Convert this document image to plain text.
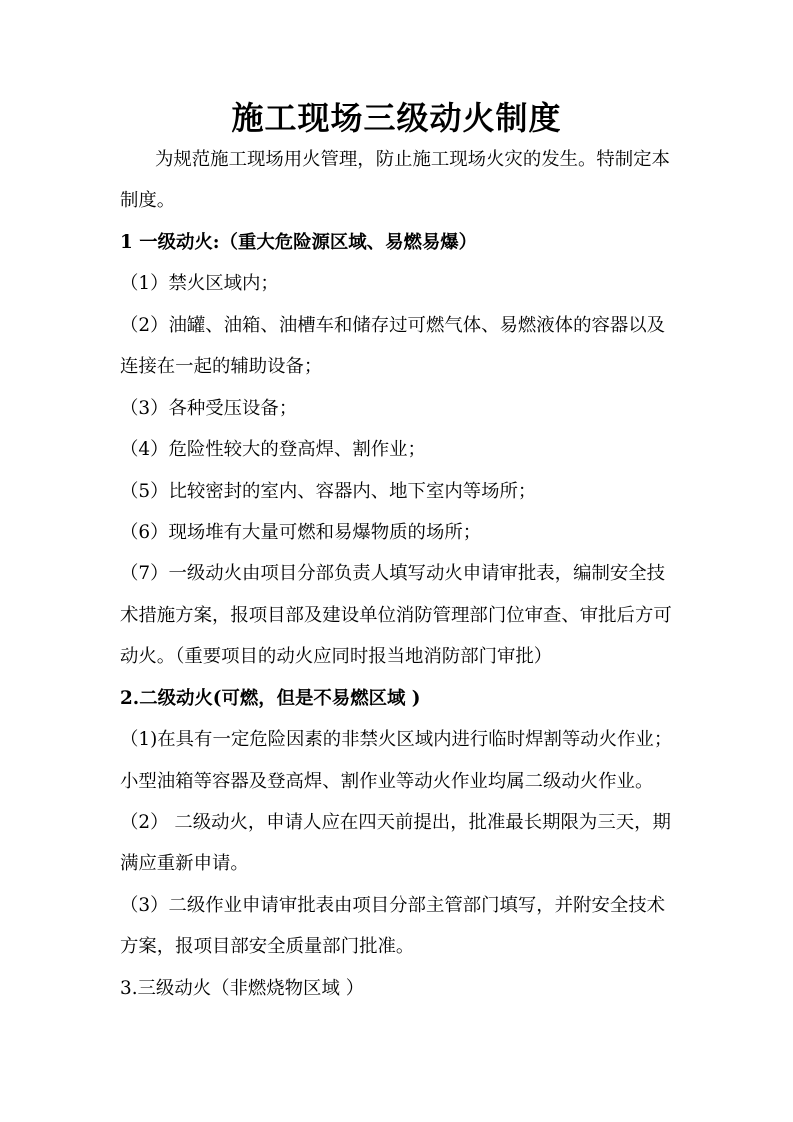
施工现场三级动火制度
为规范施工现场用火管理，防止施工现场火灾的发生。特制定本
制度。
1 一级动火:（重大危险源区域、易燃易爆）
（1）禁火区域内；
（2）油罐、油箱、油槽车和储存过可燃气体、易燃液体的容器以及
连接在一起的辅助设备；
（3）各种受压设备；
（4）危险性较大的登高焊、割作业；
（5）比较密封的室内、容器内、地下室内等场所；
（6）现场堆有大量可燃和易爆物质的场所；
（7）一级动火由项目分部负责人填写动火申请审批表，编制安全技
术措施方案，报项目部及建设单位消防管理部门位审查、审批后方可
动火。（重要项目的动火应同时报当地消防部门审批）
2.二级动火(可燃，但是不易燃区域 )
（1)在具有一定危险因素的非禁火区域内进行临时焊割等动火作业；
小型油箱等容器及登高焊、割作业等动火作业均属二级动火作业。
（2） 二级动火，申请人应在四天前提出，批准最长期限为三天，期
满应重新申请。
（3）二级作业申请审批表由项目分部主管部门填写，并附安全技术
方案，报项目部安全质量部门批准。
3.三级动火（非燃烧物区域 ）
